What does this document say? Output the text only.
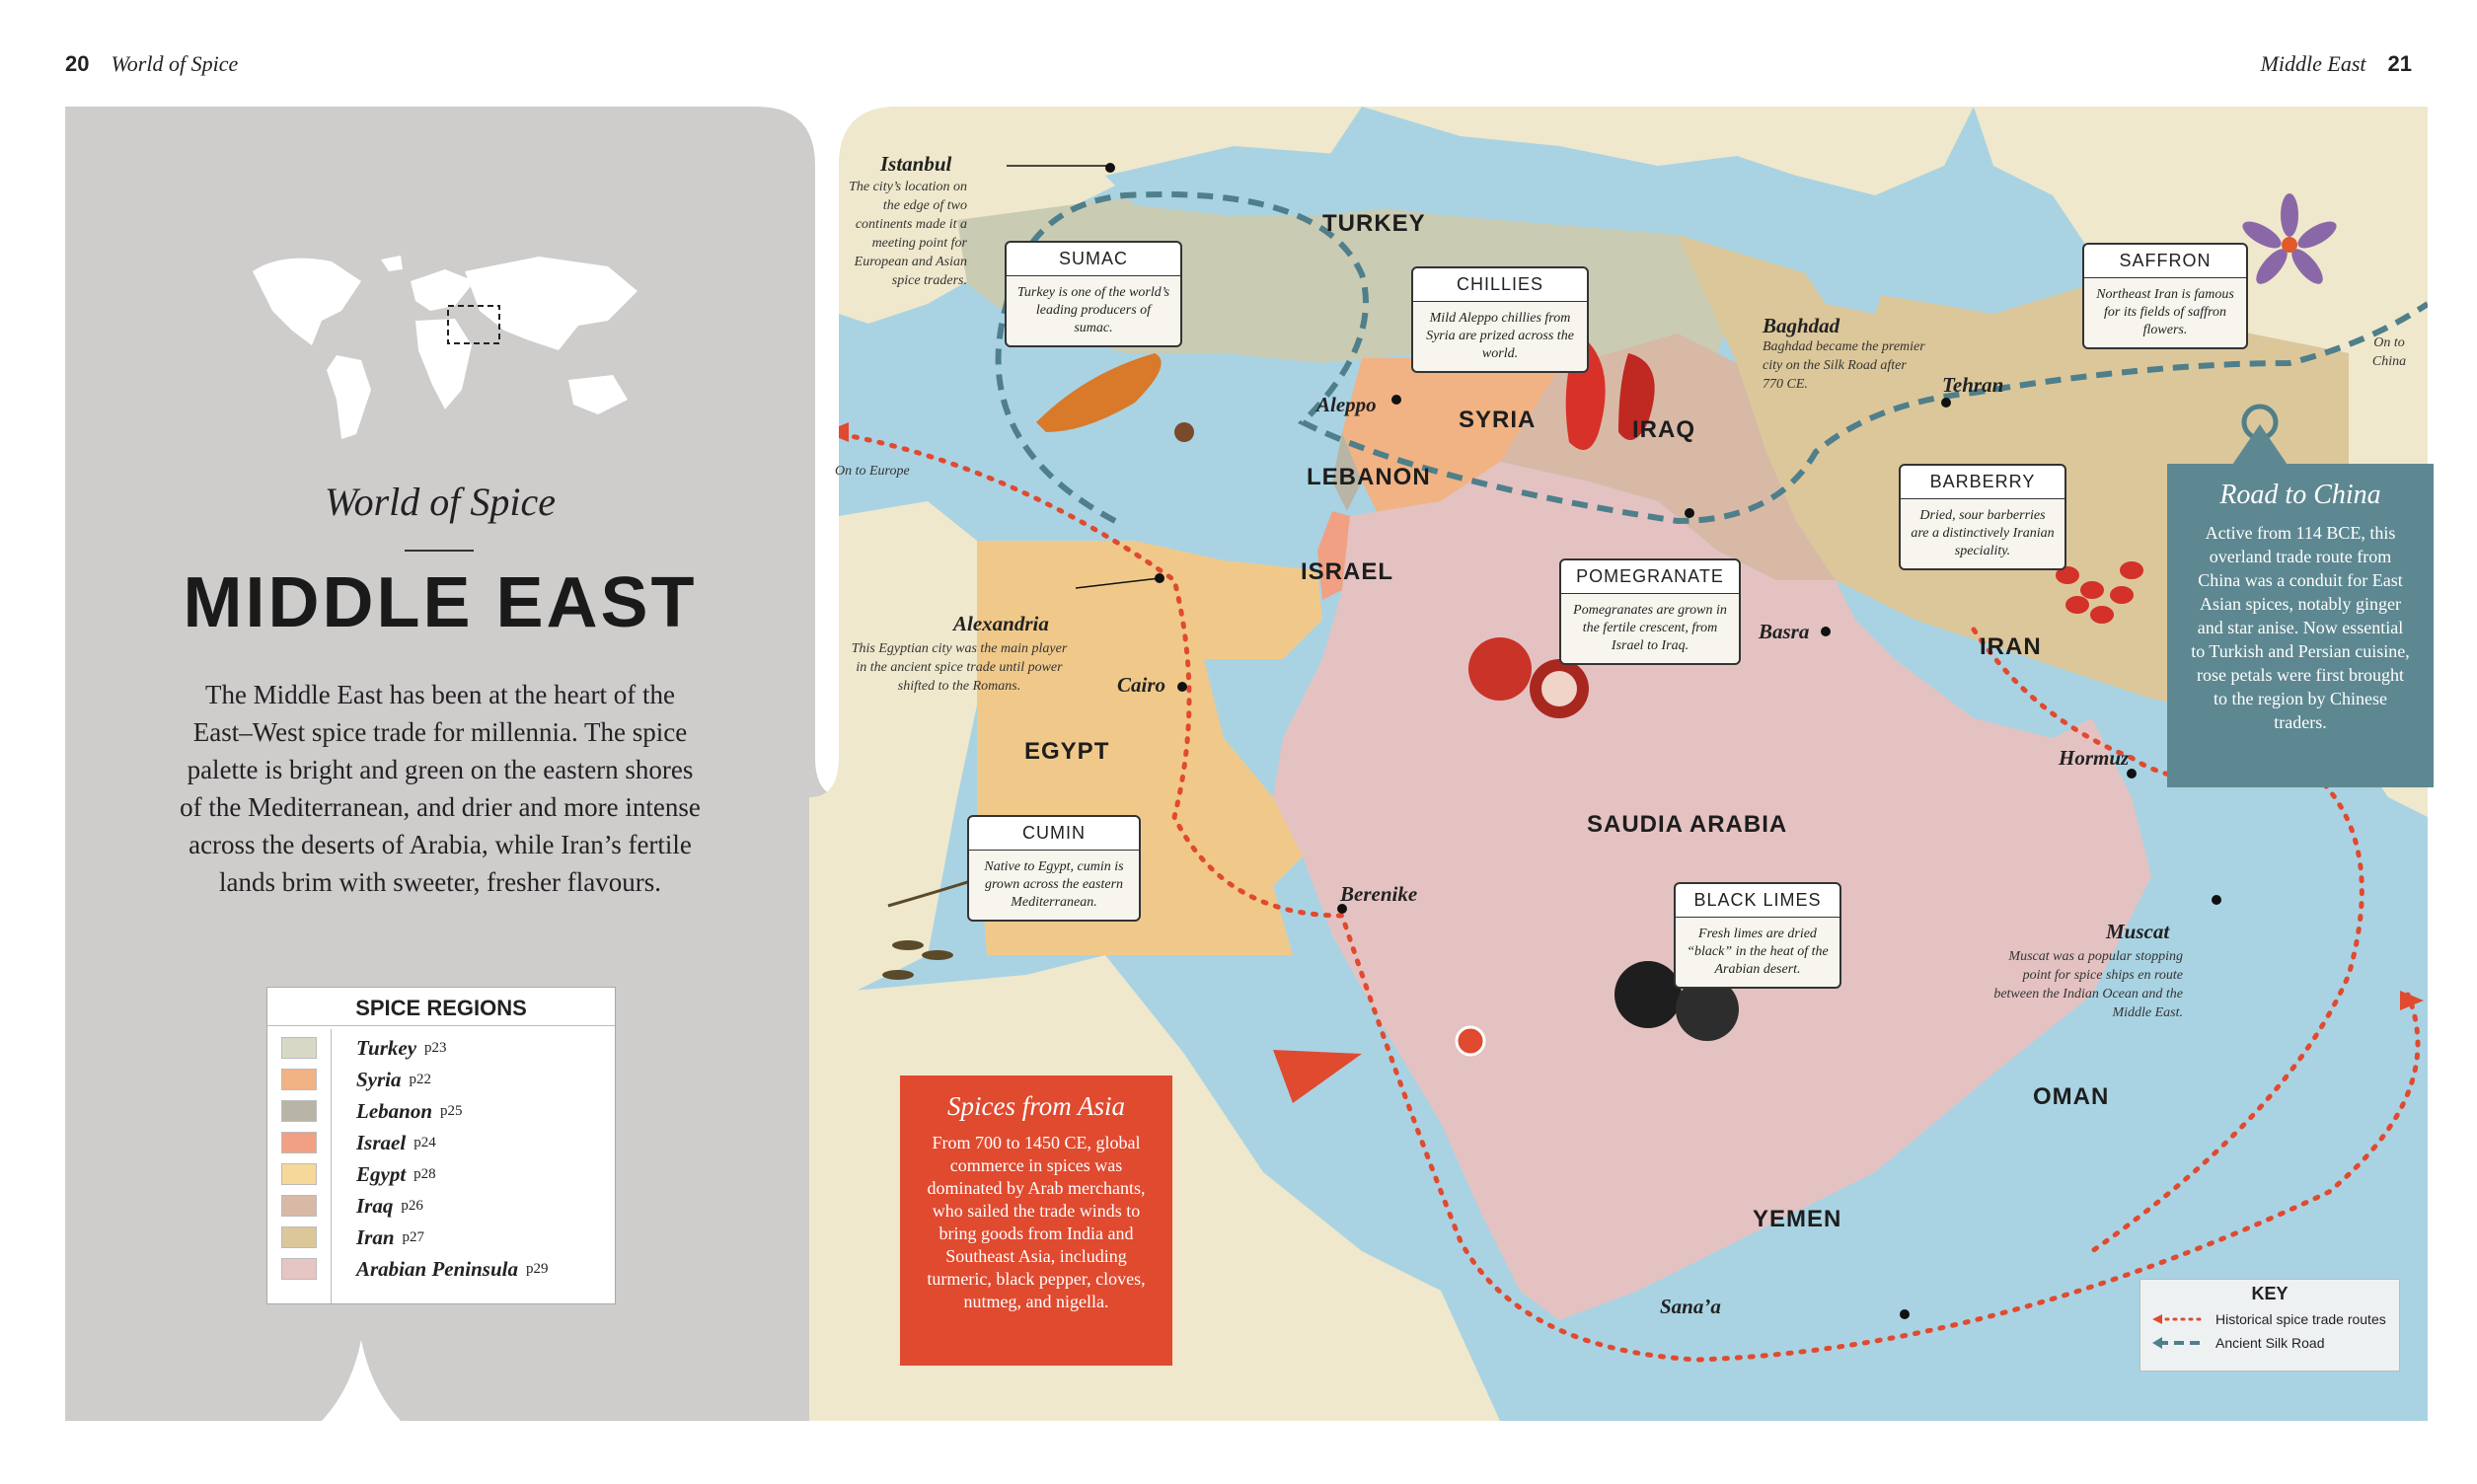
20 World of Spice	Middle East 21
World of Spice
MIDDLE EAST
The Middle East has been at the heart of the East–West spice trade for millennia. The spice palette is bright and green on the eastern shores of the Mediterranean, and drier and more intense across the deserts of Arabia, while Iran’s fertile lands brim with sweeter, fresher flavours.
SPICE REGIONS
Turkey p23
Syria p22
Lebanon p25
Israel p24
Egypt p28
Iraq p26
Iran p27
Arabian Peninsula p29
TURKEY
SYRIA	IRAQ
LEBANON
ISRAEL
EGYPT
SAUDIA ARABIA
IRAN
OMAN
YEMEN
Istanbul
Aleppo
Baghdad
Tehran
Alexandria
Cairo
Basra
Hormuz
Berenike
Muscat
Sana’a
The city’s location on the edge of two continents made it a meeting point for European and Asian spice traders.
Baghdad became the premier city on the Silk Road after 770 CE.
This Egyptian city was the main player in the ancient spice trade until power shifted to the Romans.
Muscat was a popular stopping point for spice ships en route between the Indian Ocean and the Middle East.
On to Europe
On to China
SUMAC
Turkey is one of the world’s leading producers of sumac.
CHILLIES
Mild Aleppo chillies from Syria are prized across the world.
SAFFRON
Northeast Iran is famous for its fields of saffron flowers.
BARBERRY
Dried, sour barberries are a distinctively Iranian speciality.
POMEGRANATE
Pomegranates are grown in the fertile crescent, from Israel to Iraq.
CUMIN
Native to Egypt, cumin is grown across the eastern Mediterranean.	BLACK LIMES
Fresh limes are dried “black” in the heat of the Arabian desert.
Road to China
Active from 114 BCE, this overland trade route from China was a conduit for East Asian spices, notably ginger and star anise. Now essential to Turkish and Persian cuisine, rose petals were first brought to the region by Chinese traders.
Spices from Asia
From 700 to 1450 CE, global commerce in spices was dominated by Arab merchants, who sailed the trade winds to bring goods from India and Southeast Asia, including turmeric, black pepper, cloves, nutmeg, and nigella.	KEY
Historical spice trade routes
Ancient Silk Road
